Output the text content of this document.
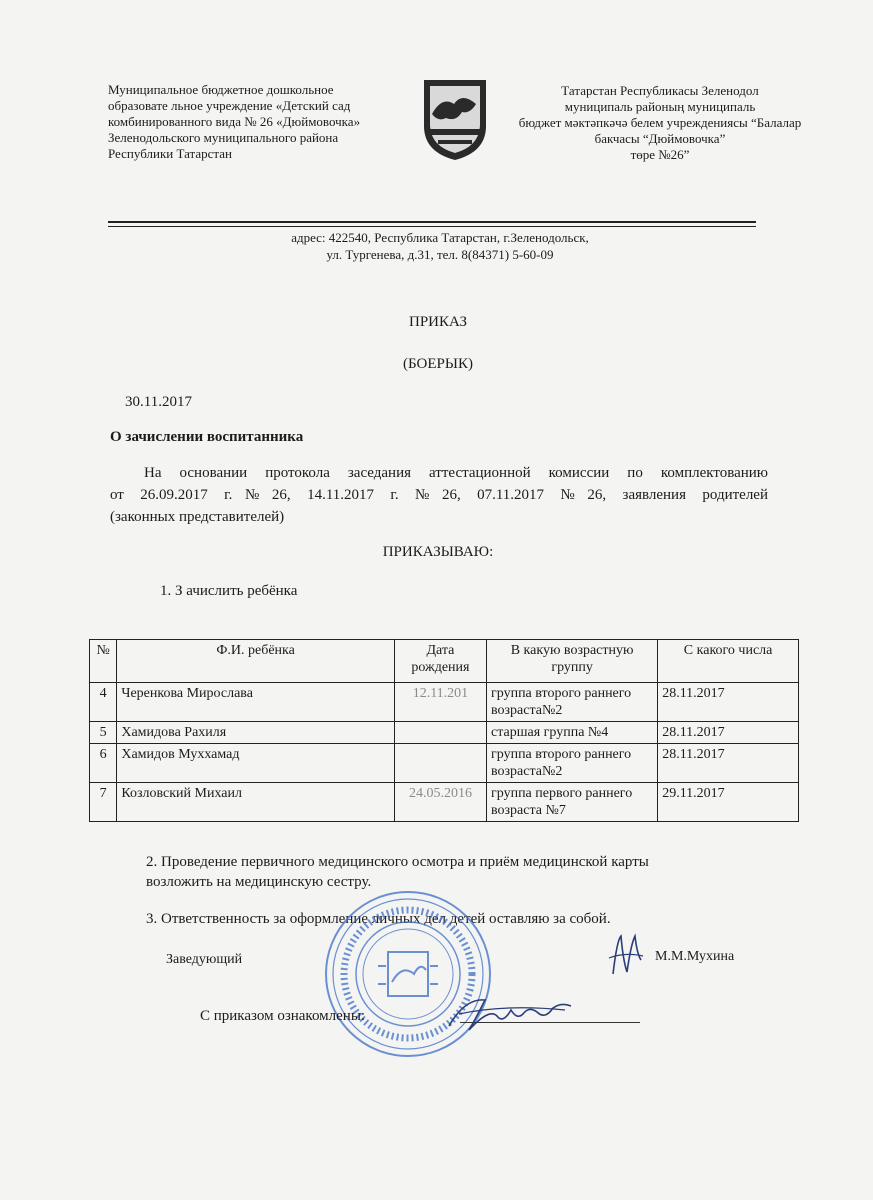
Муниципальное бюджетное дошкольное
образовате льное учреждение «Детский сад
комбинированного вида № 26 «Дюймовочка»
Зеленодольского муниципального района
Республики Татарстан
Татарстан Республикасы Зеленодол
муниципаль районың муниципаль
бюджет мәктәпкәчә белем учреждениясы “Балалар
бакчасы “Дюймовочка”
төре №26”
адрес: 422540, Республика Татарстан, г.Зеленодольск,
ул. Тургенева, д.31, тел. 8(84371) 5-60-09
ПРИКАЗ
(БОЕРЫК)
30.11.2017
О зачислении воспитанника
На основании протокола заседания аттестационной комиссии по комплектованию
от 26.09.2017 г.№26, 14.11.2017 г. №26, 07.11.2017 №26, заявления родителей
(законных представителей)
ПРИКАЗЫВАЮ:
1. З ачислить ребёнка
№	Ф.И. ребёнка	Дата рождения	В какую возрастную группу	С какого числа
4	Черенкова Мирослава	12.11.201	группа второго раннего возраста№2	28.11.2017
5	Хамидова Рахиля		старшая группа №4	28.11.2017
6	Хамидов Муххамад		группа второго раннего возраста№2	28.11.2017
7	Козловский Михаил	24.05.2016	группа первого раннего возраста №7	29.11.2017
2. Проведение первичного медицинского осмотра и приём медицинской карты
возложить на медицинскую сестру.
3. Ответственность за оформление личных дел детей оставляю за собой.
Заведующий	М.М.Мухина
С приказом ознакомлены:
